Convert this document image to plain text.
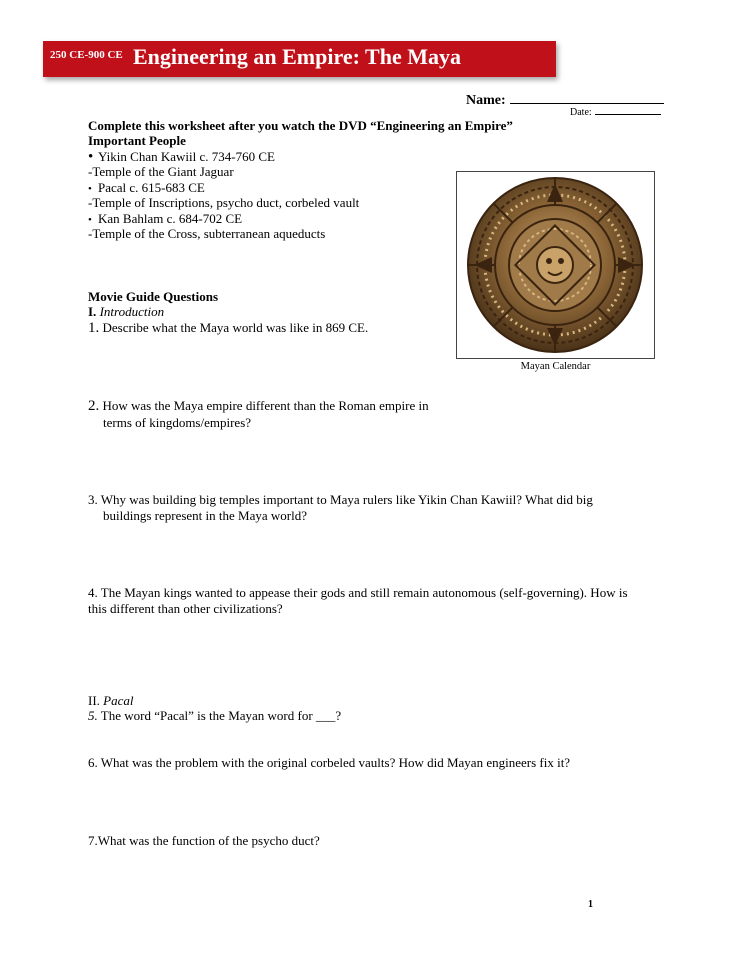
250 CE-900 CE Engineering an Empire: The Maya
Name:
Date:
Complete this worksheet after you watch the DVD “Engineering an Empire”
Important People
• Yikin Chan Kawiil c. 734-760 CE
-Temple of the Giant Jaguar
• Pacal c. 615-683 CE
-Temple of Inscriptions, psycho duct, corbeled vault
• Kan Bahlam c. 684-702 CE
-Temple of the Cross, subterranean aqueducts
Mayan Calendar
Movie Guide Questions
I. Introduction
1. Describe what the Maya world was like in 869 CE.
2. How was the Maya empire different than the Roman empire in
terms of kingdoms/empires?
3. Why was building big temples important to Maya rulers like Yikin Chan Kawiil? What did big
buildings represent in the Maya world?
4. The Mayan kings wanted to appease their gods and still remain autonomous (self-governing). How is
this different than other civilizations?
II. Pacal
5. The word “Pacal” is the Mayan word for ___?
6. What was the problem with the original corbeled vaults? How did Mayan engineers fix it?
7.What was the function of the psycho duct?
1
